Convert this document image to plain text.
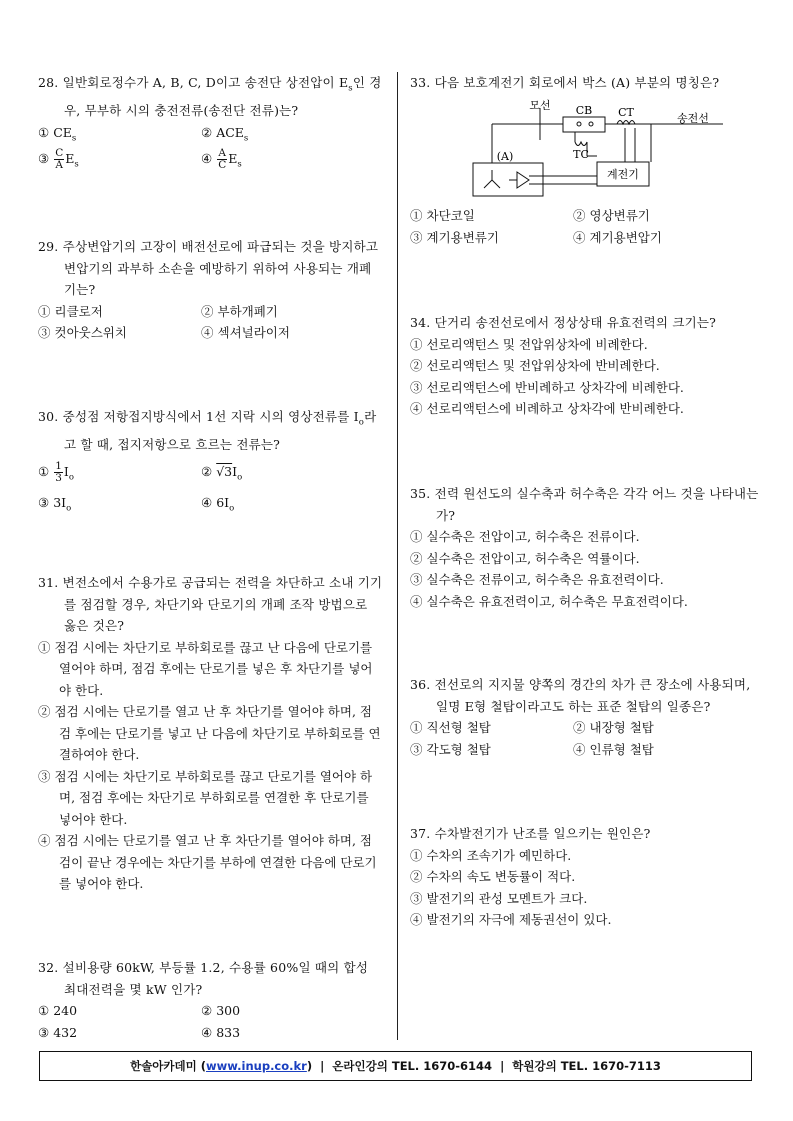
28. 일반회로정수가 A, B, C, D이고 송전단 상전압이 $E_s$인 경우, 무부하 시의 충전전류(송전단 전류)는?
① $CE_s$	② $ACE_s$
③ $\frac{C}{A} E_s$	④ $\frac{A}{C} E_s$
29. 주상변압기의 고장이 배전선로에 파급되는 것을 방지하고 변압기의 과부하 소손을 예방하기 위하여 사용되는 개폐기는?
① 리클로저	② 부하개폐기
③ 컷아웃스위치	④ 섹셔널라이저
30. 중성점 저항접지방식에서 1선 지락 시의 영상전류를 $I_o$라고 할 때, 접지저항으로 흐르는 전류는?
① $\frac{1}{3} I_o$	② $√3I_o$
③ $3I_o$	④ $6I_o$
31. 변전소에서 수용가로 공급되는 전력을 차단하고 소내 기기를 점검할 경우, 차단기와 단로기의 개폐 조작 방법으로 옳은 것은?
① 점검 시에는 차단기로 부하회로를 끊고 난 다음에 단로기를 열어야 하며, 점검 후에는 단로기를 넣은 후 차단기를 넣어야 한다.
② 점검 시에는 단로기를 열고 난 후 차단기를 열어야 하며, 점검 후에는 단로기를 넣고 난 다음에 차단기로 부하회로를 연결하여야 한다.
③ 점검 시에는 차단기로 부하회로를 끊고 단로기를 열어야 하며, 점검 후에는 차단기로 부하회로를 연결한 후 단로기를 넣어야 한다.
④ 점검 시에는 단로기를 열고 난 후 차단기를 열어야 하며, 점검이 끝난 경우에는 차단기를 부하에 연결한 다음에 단로기를 넣어야 한다.
32. 설비용량 60kW, 부등률 1.2, 수용률 60%일 때의 합성 최대전력을 몇 kW 인가?
① 240	② 300
③ 432	④ 833
33. 다음 보호계전기 회로에서 박스 (A) 부분의 명칭은?
모선 CB CT	송전선
TC
(A)
계전기
① 차단코일	② 영상변류기
③ 계기용변류기	④ 계기용변압기
34. 단거리 송전선로에서 정상상태 유효전력의 크기는?
① 선로리액턴스 및 전압위상차에 비례한다.
② 선로리액턴스 및 전압위상차에 반비례한다.
③ 선로리액턴스에 반비례하고 상차각에 비례한다.
④ 선로리액턴스에 비례하고 상차각에 반비례한다.
35. 전력 원선도의 실수축과 허수축은 각각 어느 것을 나타내는가?
① 실수축은 전압이고, 허수축은 전류이다.
② 실수축은 전압이고, 허수축은 역률이다.
③ 실수축은 전류이고, 허수축은 유효전력이다.
④ 실수축은 유효전력이고, 허수축은 무효전력이다.
36. 전선로의 지지물 양쪽의 경간의 차가 큰 장소에 사용되며, 일명 E형 철탑이라고도 하는 표준 철탑의 일종은?
① 직선형 철탑	② 내장형 철탑
③ 각도형 철탑	④ 인류형 철탑
37. 수차발전기가 난조를 일으키는 원인은?
① 수차의 조속기가 예민하다.
② 수차의 속도 변동률이 적다.
③ 발전기의 관성 모멘트가 크다.
④ 발전기의 자극에 제동권선이 있다.
한솔아카데미 ( www.inup.co.kr ) | 온라인강의 TEL. 1670-6144 | 학원강의 TEL. 1670-7113
